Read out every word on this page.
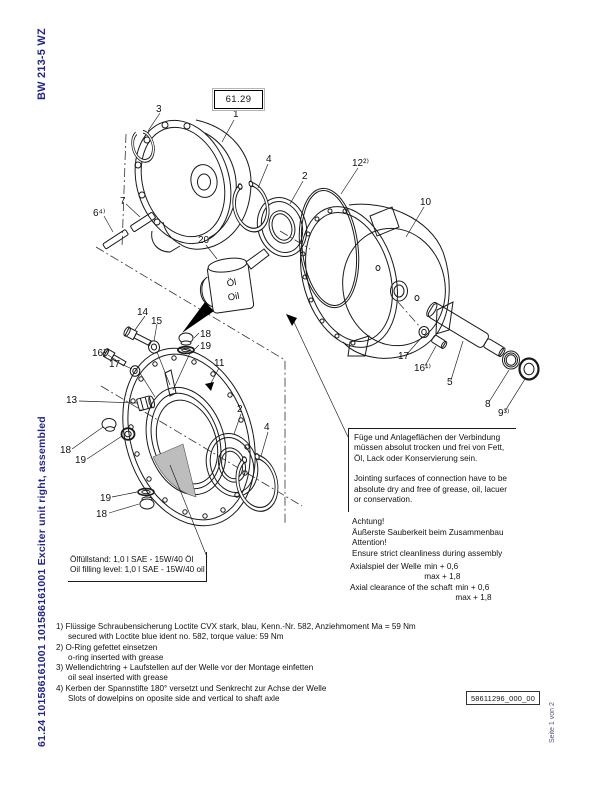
BW 213-5 WZ
61.24 101586161001 101586161001 Exciter unit right, assembled	Seite 1 von 2
Öl
Oil
1
3
7
6⁴⁾
4
2
12²⁾
10
20
14
15
18
19
16¹⁾
17
13
18
19
11
2
4
19
18
17
16¹⁾
5
8
9³⁾
61.29
Füge und Anlageflächen der Verbindung
müssen absolut trocken und frei von Fett,
Öl, Lack oder Konservierung sein.
Jointing surfaces of connection have to be
absolute dry and free of grease, oil, lacuer
or conservation.
Achtung!
Äußerste Sauberkeit beim Zusammenbau
Attention!
Ensure strict cleanliness during assembly
Axialspiel der Welle min + 0,6
max + 1,8
Axial clearance of the schaft min + 0,6
max + 1,8
Ölfüllstand: 1,0 l SAE - 15W/40 Öl
Oil filling level: 1,0 l SAE - 15W/40 oil
1) Flüssige Schraubensicherung Loctite CVX stark, blau, Kenn.-Nr. 582, Anziehmoment Ma = 59 Nm
secured with Loctite blue ident no. 582, torque value: 59 Nm
2) O-Ring gefettet einsetzen
o-ring inserted with grease
3) Wellendichtring + Laufstellen auf der Welle vor der Montage einfetten
oil seal inserted with grease
4) Kerben der Spannstifte 180° versetzt und Senkrecht zur Achse der Welle
Slots of dowelpins on oposite side and vertical to shaft axle	58611296_000_00
